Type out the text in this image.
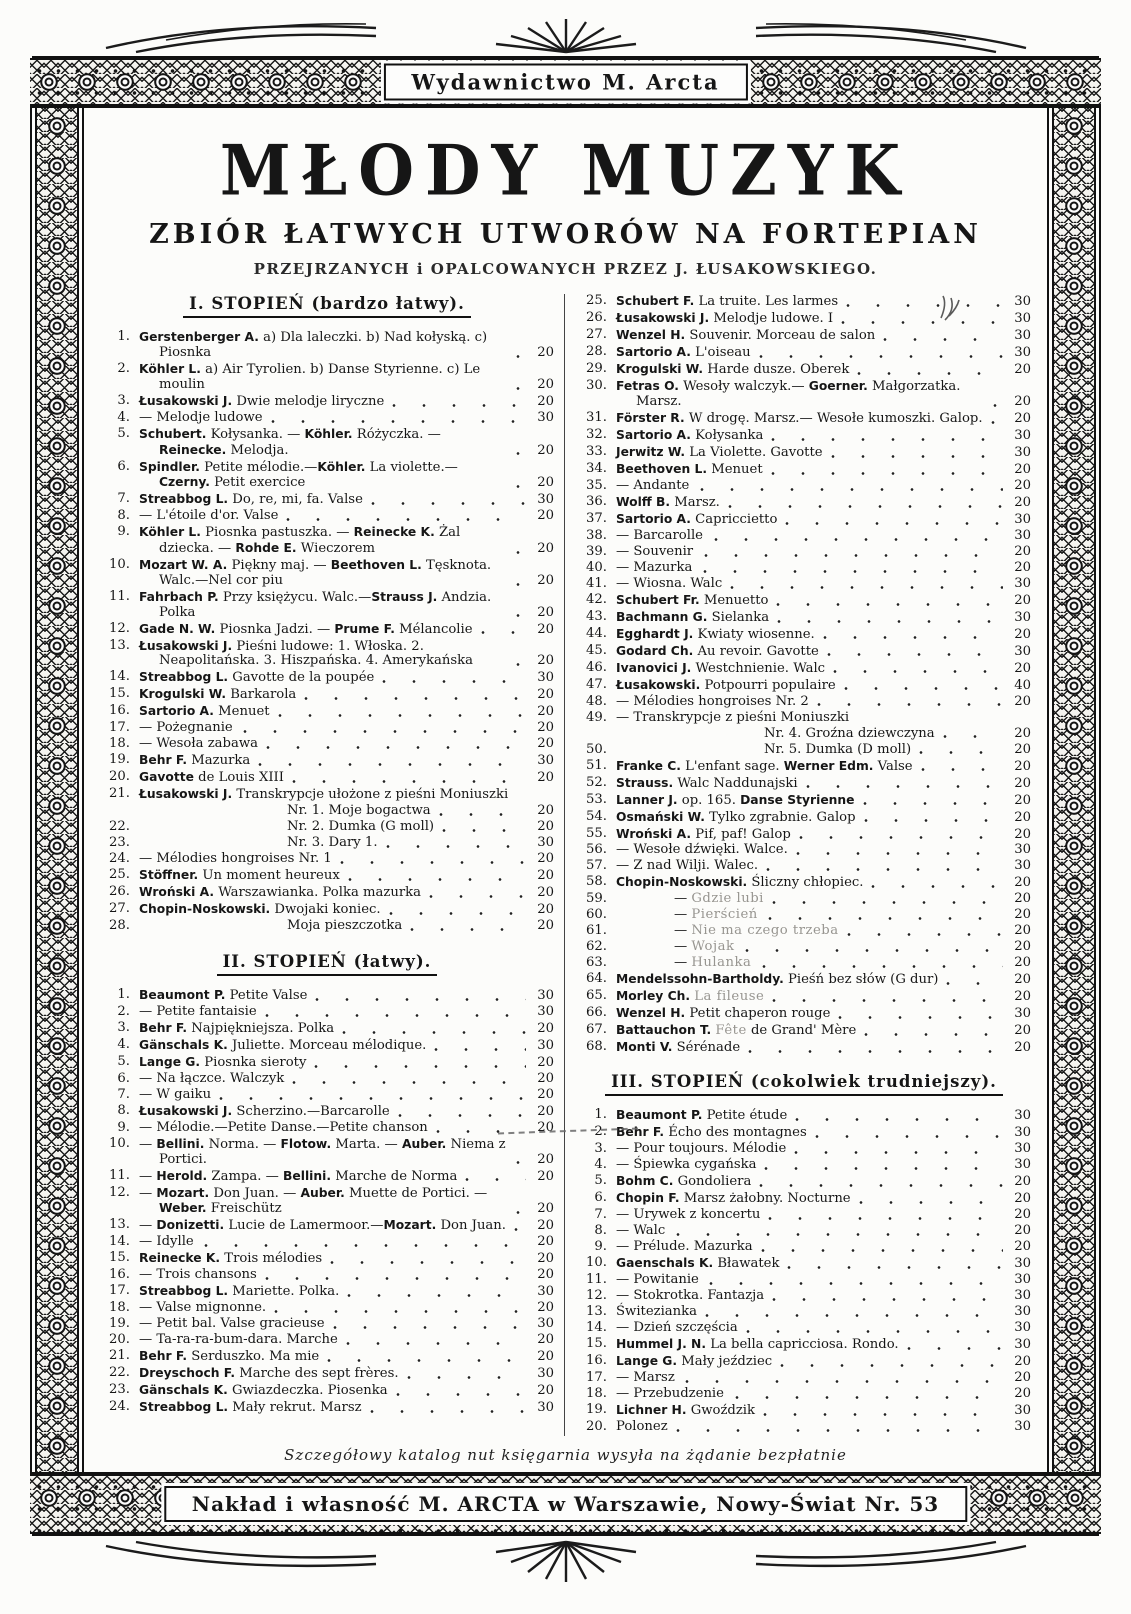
Wydawnictwo M. Arcta
MŁODY MUZYK
ZBIÓR ŁATWYCH UTWORÓW NA FORTEPIAN
PRZEJRZANYCH i OPALCOWANYCH PRZEZ J. ŁUSAKOWSKIEGO.
I. STOPIEŃ (bardzo łatwy).
1. Gerstenberger A. a) Dla laleczki. b) Nad kołyską. c) Piosnka	20
2. Köhler L. a) Air Tyrolien. b) Danse Styrienne. c) Le moulin	20
3. Łusakowski J. Dwie melodje liryczne	20
4. — Melodje ludowe	30
5. Schubert. Kołysanka. — Köhler. Różyczka. — Reinecke. Melodja.	20
6. Spindler. Petite mélodie.—Köhler. La violette.—Czerny. Petit exercice	20
7. Streabbog L. Do, re, mi, fa. Valse	30
8. — L'étoile d'or. Valse	20
9. Köhler L. Piosnka pastuszka. — Reinecke K. Żal dziecka. — Rohde E. Wieczorem	20
10. Mozart W. A. Piękny maj. — Beethoven L. Tęsknota. Walc.—Nel cor piu	20
11. Fahrbach P. Przy księżycu. Walc.—Strauss J. Andzia. Polka	20
12. Gade N. W. Piosnka Jadzi. — Prume F. Mélancolie	20
13. Łusakowski J. Pieśni ludowe: 1. Włoska. 2. Neapolitańska. 3. Hiszpańska. 4. Amerykańska	20
14. Streabbog L. Gavotte de la poupée	30
15. Krogulski W. Barkarola	20
16. Sartorio A. Menuet	20
17. — Pożegnanie	20
18. — Wesoła zabawa	20
19. Behr F. Mazurka	30
20. Gavotte de Louis XIII	20
21. Łusakowski J. Transkrypcje ułożone z pieśni Moniuszki
Nr. 1. Moje bogactwa	20
22.	Nr. 2. Dumka (G moll)	20
23.	Nr. 3. Dary 1.	30
24. — Mélodies hongroises Nr. 1	20
25. Stöffner. Un moment heureux	20
26. Wroński A. Warszawianka. Polka mazurka	20
27. Chopin-Noskowski. Dwojaki koniec.	20
28.	Moja pieszczotka	20
II. STOPIEŃ (łatwy).
1. Beaumont P. Petite Valse	30
2. — Petite fantaisie	30
3. Behr F. Najpiękniejsza. Polka	20
4. Gänschals K. Juliette. Morceau mélodique.	30
5. Lange G. Piosnka sieroty	20
6. — Na łączce. Walczyk	20
7. — W gaiku	20
8. Łusakowski J. Scherzino.—Barcarolle	20
9. — Mélodie.—Petite Danse.—Petite chanson	20
10. — Bellini. Norma. — Flotow. Marta. — Auber. Niema z Portici.	20
11. — Herold. Zampa. — Bellini. Marche de Norma	20
12. — Mozart. Don Juan. — Auber. Muette de Portici. — Weber. Freischütz	20
13. — Donizetti. Lucie de Lamermoor.—Mozart. Don Juan.	20
14. — Idylle	20
15. Reinecke K. Trois mélodies	20
16. — Trois chansons	20
17. Streabbog L. Mariette. Polka.	30
18. — Valse mignonne.	20
19. — Petit bal. Valse gracieuse	30
20. — Ta-ra-ra-bum-dara. Marche	20
21. Behr F. Serduszko. Ma mie	20
22. Dreyschoch F. Marche des sept frères.	30
23. Gänschals K. Gwiazdeczka. Piosenka	20
24. Streabbog L. Mały rekrut. Marsz	30
25. Schubert F. La truite. Les larmes	30
26. Łusakowski J. Melodje ludowe. I	30
27. Wenzel H. Souvenir. Morceau de salon	30
28. Sartorio A. L'oiseau	30
29. Krogulski W. Harde dusze. Oberek	20
30. Fetras O. Wesoły walczyk.— Goerner. Małgorzatka. Marsz.	20
31. Förster R. W drogę. Marsz.— Wesołe kumoszki. Galop.	20
32. Sartorio A. Kołysanka	30
33. Jerwitz W. La Violette. Gavotte	30
34. Beethoven L. Menuet	20
35. — Andante	20
36. Wolff B. Marsz.	20
37. Sartorio A. Capriccietto	30
38. — Barcarolle	30
39. — Souvenir	20
40. — Mazurka	20
41. — Wiosna. Walc	30
42. Schubert Fr. Menuetto	20
43. Bachmann G. Sielanka	30
44. Egghardt J. Kwiaty wiosenne.	20
45. Godard Ch. Au revoir. Gavotte	30
46. Ivanovici J. Westchnienie. Walc	20
47. Łusakowski. Potpourri populaire	40
48. — Mélodies hongroises Nr. 2	20
49. — Transkrypcje z pieśni Moniuszki
Nr. 4. Groźna dziewczyna	20
50.	Nr. 5. Dumka (D moll)	20
51. Franke C. L'enfant sage. Werner Edm. Valse	20
52. Strauss. Walc Naddunajski	20
53. Lanner J. op. 165. Danse Styrienne	20
54. Osmański W. Tylko zgrabnie. Galop	20
55. Wroński A. Pif, paf! Galop	20
56. — Wesołe dźwięki. Walce.	30
57. — Z nad Wilji. Walec.	30
58. Chopin-Noskowski. Śliczny chłopiec.	20
59.	— Gdzie lubi	20
60.	— Pierścień	20
61.	— Nie ma czego trzeba	20
62.	— Wojak	20
63.	— Hulanka	20
64. Mendelssohn-Bartholdy. Pieśń bez słów (G dur)	20
65. Morley Ch. La fileuse	20
66. Wenzel H. Petit chaperon rouge	30
67. Battauchon T. Fête de Grand' Mère	20
68. Monti V. Sérénade	20
III. STOPIEŃ (cokolwiek trudniejszy).
1. Beaumont P. Petite étude	30
2. Behr F. Écho des montagnes	30
3. — Pour toujours. Mélodie	30
4. — Śpiewka cygańska	30
5. Bohm C. Gondoliera	20
6. Chopin F. Marsz żałobny. Nocturne	20
7. — Urywek z koncertu	20
8. — Walc	20
9. — Prélude. Mazurka	20
10. Gaenschals K. Bławatek	30
11. — Powitanie	30
12. — Stokrotka. Fantazja	30
13. Świtezianka	30
14. — Dzień szczęścia	30
15. Hummel J. N. La bella capricciosa. Rondo.	30
16. Lange G. Mały jeździec	20
17. — Marsz	20
18. — Przebudzenie	20
19. Lichner H. Gwoździk	30
20. Polonez	30
Szczegółowy katalog nut księgarnia wysyła na żądanie bezpłatnie
Nakład i własność M. ARCTA w Warszawie, Nowy-Świat Nr. 53
